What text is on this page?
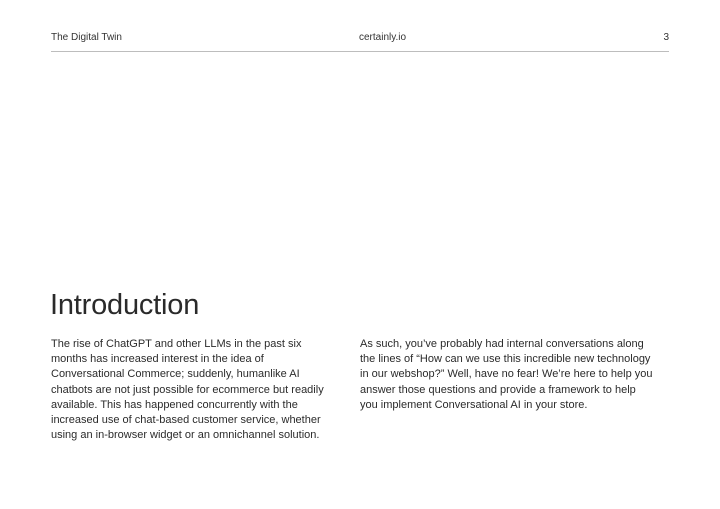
The Digital Twin	certainly.io	3
Introduction

The rise of ChatGPT and other LLMs in the past six months has increased interest in the idea of Conversational Commerce; suddenly, humanlike AI chatbots are not just possible for ecommerce but readily available. This has happened concurrently with the increased use of chat-based customer service, whether using an in-browser widget or an omnichannel solution.

As such, you’ve probably had internal conversations along the lines of “How can we use this incredible new technology in our webshop?” Well, have no fear! We’re here to help you answer those questions and provide a framework to help you implement Conversational AI in your store.
